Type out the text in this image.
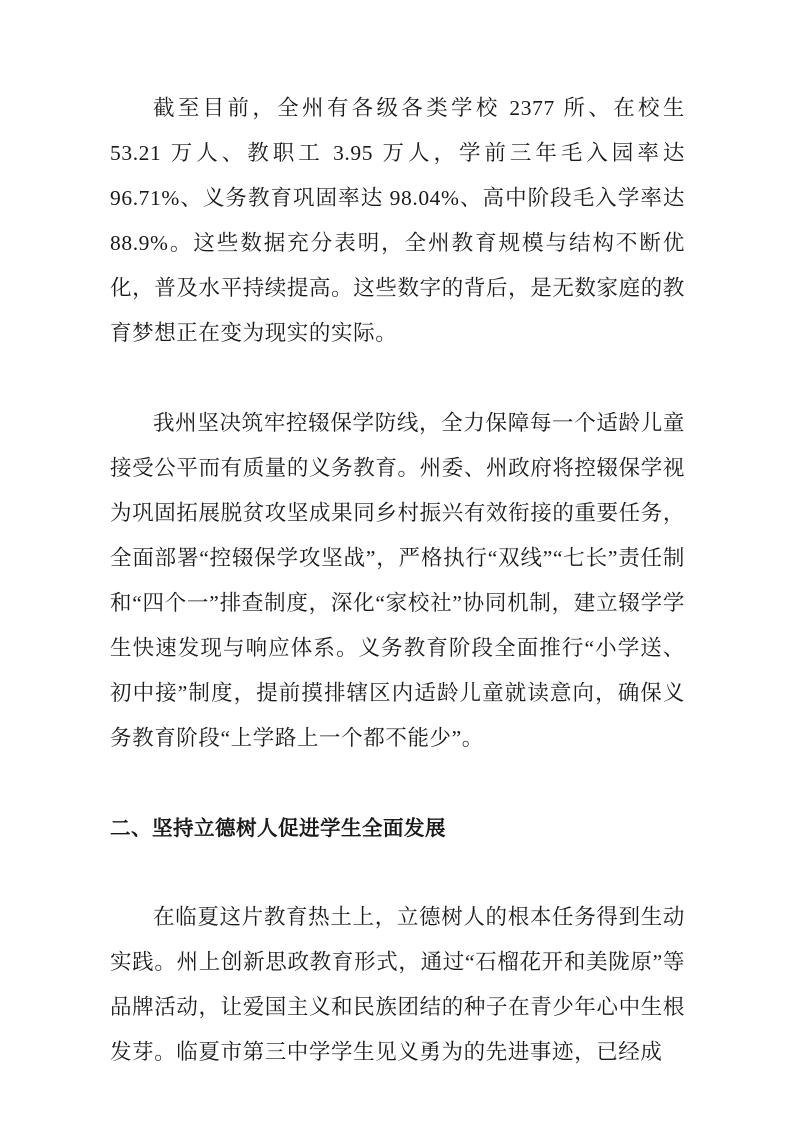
截至目前，全州有各级各类学校 2377 所、在校生 53.21 万人、教职工 3.95 万人，学前三年毛入园率达 96.71%、义务教育巩固率达 98.04%、高中阶段毛入学率达 88.9%。这些数据充分表明，全州教育规模与结构不断优化，普及水平持续提高。这些数字的背后，是无数家庭的教育梦想正在变为现实的实际。

我州坚决筑牢控辍保学防线，全力保障每一个适龄儿童接受公平而有质量的义务教育。州委、州政府将控辍保学视为巩固拓展脱贫攻坚成果同乡村振兴有效衔接的重要任务，全面部署“控辍保学攻坚战”，严格执行“双线”“七长”责任制和“四个一”排查制度，深化“家校社”协同机制，建立辍学学生快速发现与响应体系。义务教育阶段全面推行“小学送、初中接”制度，提前摸排辖区内适龄儿童就读意向，确保义务教育阶段“上学路上一个都不能少”。

二、坚持立德树人促进学生全面发展

在临夏这片教育热土上，立德树人的根本任务得到生动实践。州上创新思政教育形式，通过“石榴花开和美陇原”等品牌活动，让爱国主义和民族团结的种子在青少年心中生根发芽。临夏市第三中学学生见义勇为的先进事迹，已经成
